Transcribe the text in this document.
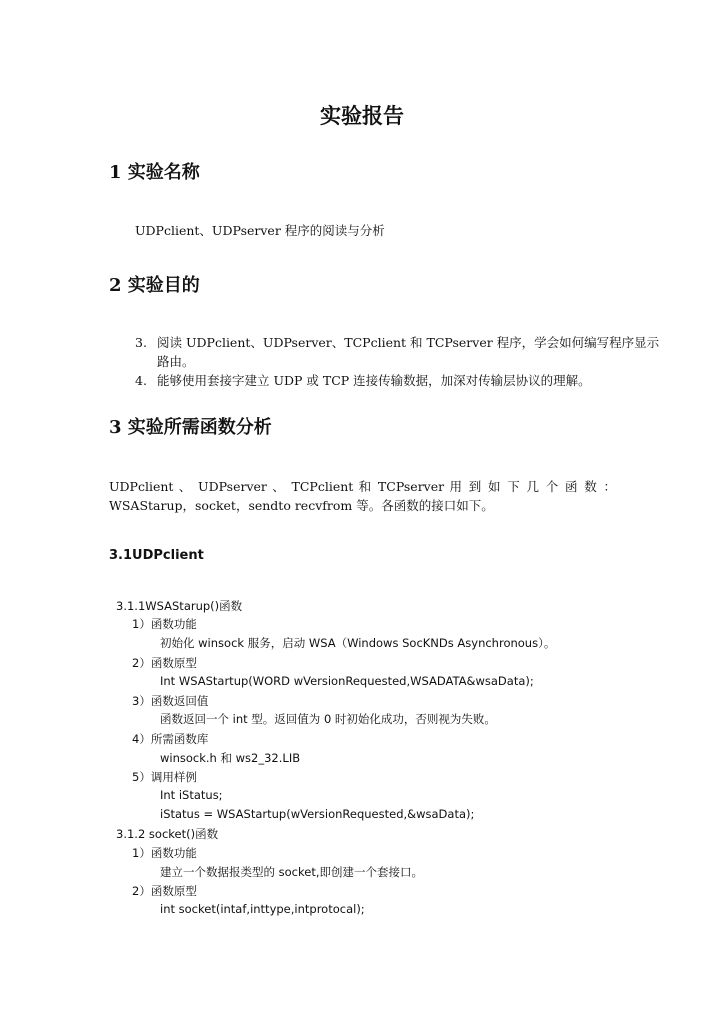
实验报告
1 实验名称
UDPclient、UDPserver 程序的阅读与分析
2 实验目的
3. 阅读 UDPclient、UDPserver、TCPclient 和 TCPserver 程序，学会如何编写程序显示
路由。
4. 能够使用套接字建立 UDP 或 TCP 连接传输数据，加深对传输层协议的理解。
3 实验所需函数分析
UDPclient 、 UDPserver 、 TCPclient 和 TCPserver 用 到 如 下 几 个 函 数 ：
WSAStarup，socket，sendto recvfrom 等。各函数的接口如下。
3.1UDPclient
3.1.1WSAStarup()函数
1）函数功能
初始化 winsock 服务，启动 WSA（Windows SocKNDs Asynchronous）。
2）函数原型
Int WSAStartup(WORD wVersionRequested,WSADATA&wsaData);
3）函数返回值
函数返回一个 int 型。返回值为 0 时初始化成功，否则视为失败。
4）所需函数库
winsock.h 和 ws2_32.LIB
5）调用样例
Int iStatus;
iStatus = WSAStartup(wVersionRequested,&wsaData);
3.1.2 socket()函数
1）函数功能
建立一个数据报类型的 socket,即创建一个套接口。
2）函数原型
int socket(intaf,inttype,intprotocal);
